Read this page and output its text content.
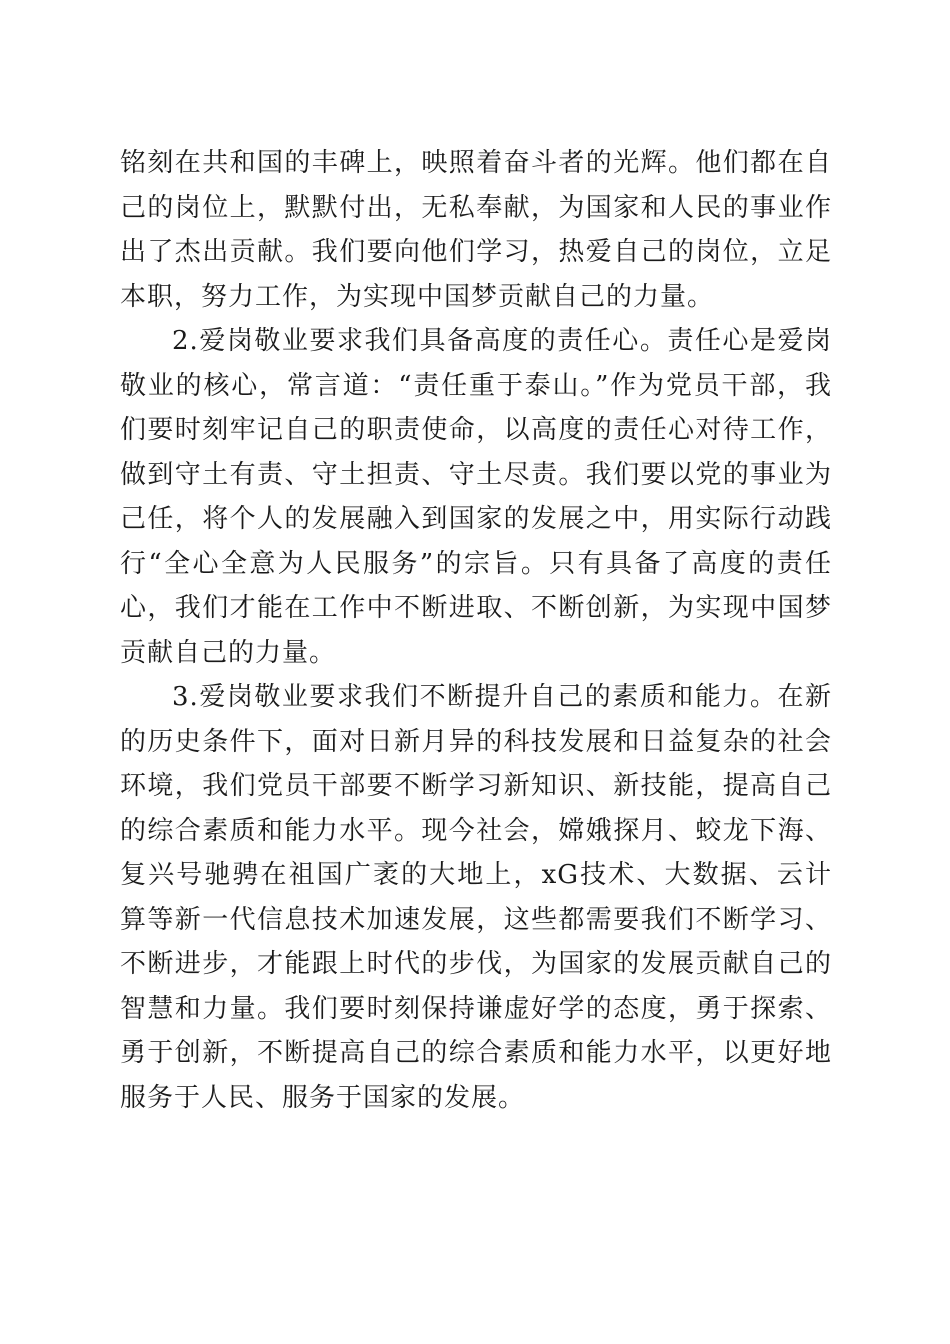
铭刻在共和国的丰碑上，映照着奋斗者的光辉。他们都在自己的岗位上，默默付出，无私奉献，为国家和人民的事业作出了杰出贡献。我们要向他们学习，热爱自己的岗位，立足本职，努力工作，为实现中国梦贡献自己的力量。

2.爱岗敬业要求我们具备高度的责任心。责任心是爱岗敬业的核心，常言道：“责任重于泰山。”作为党员干部，我们要时刻牢记自己的职责使命，以高度的责任心对待工作，做到守土有责、守土担责、守土尽责。我们要以党的事业为己任，将个人的发展融入到国家的发展之中，用实际行动践行“全心全意为人民服务”的宗旨。只有具备了高度的责任心，我们才能在工作中不断进取、不断创新，为实现中国梦贡献自己的力量。

3.爱岗敬业要求我们不断提升自己的素质和能力。在新的历史条件下，面对日新月异的科技发展和日益复杂的社会环境，我们党员干部要不断学习新知识、新技能，提高自己的综合素质和能力水平。现今社会，嫦娥探月、蛟龙下海、复兴号驰骋在祖国广袤的大地上，xG技术、大数据、云计算等新一代信息技术加速发展，这些都需要我们不断学习、不断进步，才能跟上时代的步伐，为国家的发展贡献自己的智慧和力量。我们要时刻保持谦虚好学的态度，勇于探索、勇于创新，不断提高自己的综合素质和能力水平，以更好地服务于人民、服务于国家的发展。
